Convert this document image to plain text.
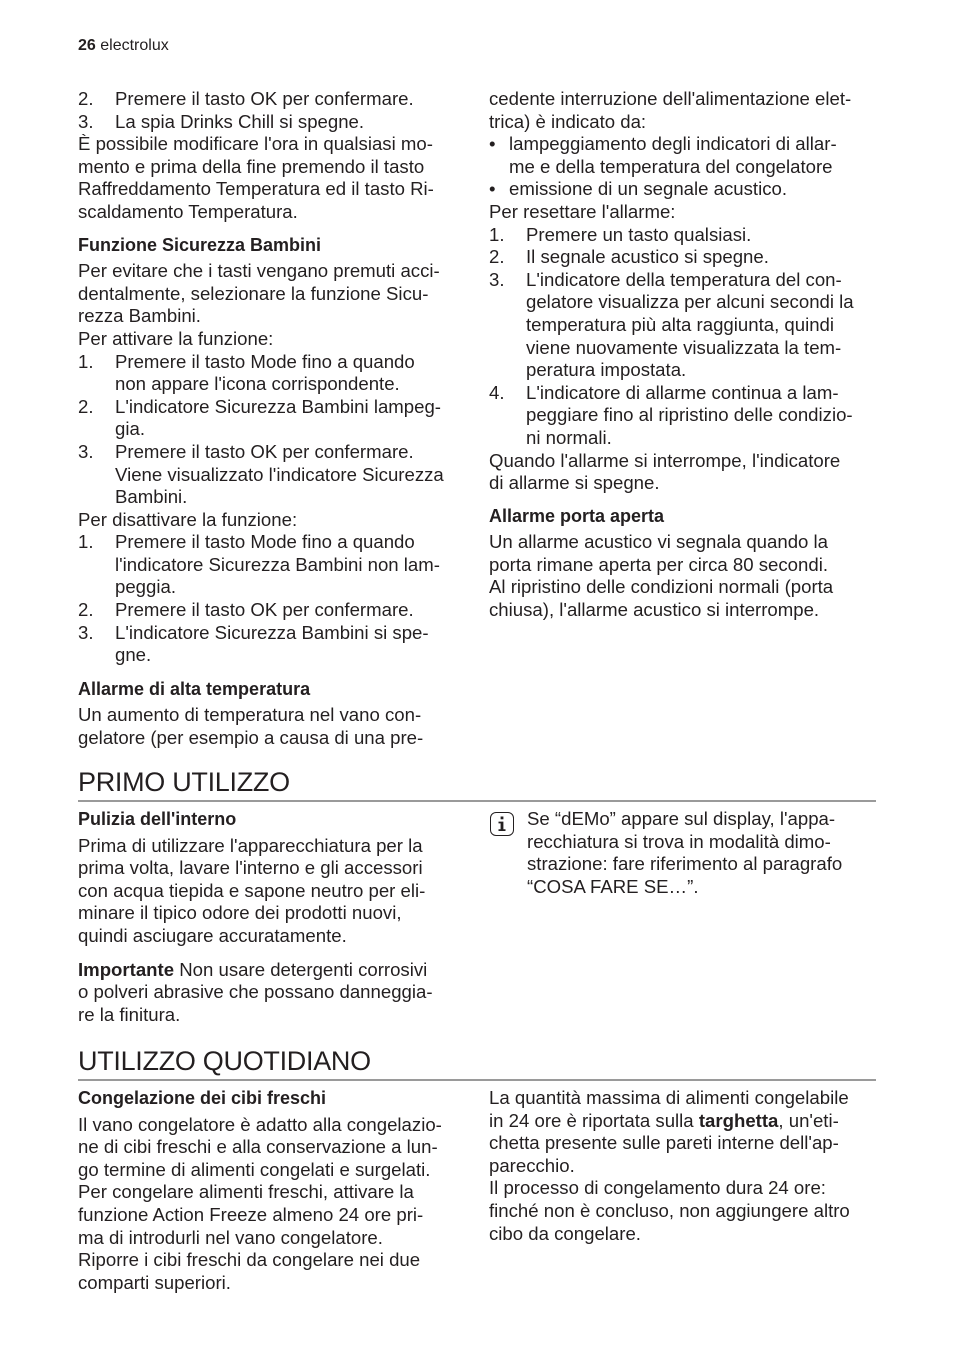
26 electrolux
2.	Premere il tasto OK per confermare.
3.	La spia Drinks Chill si spegne.

È possibile modificare l'ora in qualsiasi mo-
mento e prima della fine premendo il tasto
Raffreddamento Temperatura ed il tasto Ri-
scaldamento Temperatura.

Funzione Sicurezza Bambini

Per evitare che i tasti vengano premuti acci-
dentalmente, selezionare la funzione Sicu-
rezza Bambini.

Per attivare la funzione:

1.	Premere il tasto Mode fino a quando
non appare l'icona corrispondente.
2.	L'indicatore Sicurezza Bambini lampeg-
gia.
3.	Premere il tasto OK per confermare.
Viene visualizzato l'indicatore Sicurezza
Bambini.

Per disattivare la funzione:

1.	Premere il tasto Mode fino a quando
l'indicatore Sicurezza Bambini non lam-
peggia.
2.	Premere il tasto OK per confermare.
3.	L'indicatore Sicurezza Bambini si spe-
gne.
Allarme di alta temperatura

Un aumento di temperatura nel vano con-
gelatore (per esempio a causa di una pre-

cedente interruzione dell'alimentazione elet-
trica) è indicato da:

• lampeggiamento degli indicatori di allar-
me e della temperatura del congelatore
• emissione di un segnale acustico.

Per resettare l'allarme:

1.	Premere un tasto qualsiasi.
2.	Il segnale acustico si spegne.
3.	L'indicatore della temperatura del con-
gelatore visualizza per alcuni secondi la
temperatura più alta raggiunta, quindi
viene nuovamente visualizzata la tem-
peratura impostata.
4.	L'indicatore di allarme continua a lam-
peggiare fino al ripristino delle condizio-
ni normali.

Quando l'allarme si interrompe, l'indicatore
di allarme si spegne.

Allarme porta aperta

Un allarme acustico vi segnala quando la
porta rimane aperta per circa 80 secondi.
Al ripristino delle condizioni normali (porta
chiusa), l'allarme acustico si interrompe.

PRIMO UTILIZZO
Pulizia dell'interno

Prima di utilizzare l'apparecchiatura per la
prima volta, lavare l'interno e gli accessori
con acqua tiepida e sapone neutro per eli-
minare il tipico odore dei prodotti nuovi,
quindi asciugare accuratamente.

Importante Non usare detergenti corrosivi
o polveri abrasive che possano danneggia-
re la finitura.

Se “dEMo” appare sul display, l'appa-
recchiatura si trova in modalità dimo-
strazione: fare riferimento al paragrafo
“COSA FARE SE…”.

UTILIZZO QUOTIDIANO
Congelazione dei cibi freschi

Il vano congelatore è adatto alla congelazio-
ne di cibi freschi e alla conservazione a lun-
go termine di alimenti congelati e surgelati.
Per congelare alimenti freschi, attivare la
funzione Action Freeze almeno 24 ore pri-
ma di introdurli nel vano congelatore.
Riporre i cibi freschi da congelare nei due
comparti superiori.

La quantità massima di alimenti congelabile
in 24 ore è riportata sulla targhetta, un'eti-
chetta presente sulle pareti interne dell'ap-
parecchio.

Il processo di congelamento dura 24 ore:
finché non è concluso, non aggiungere altro
cibo da congelare.
